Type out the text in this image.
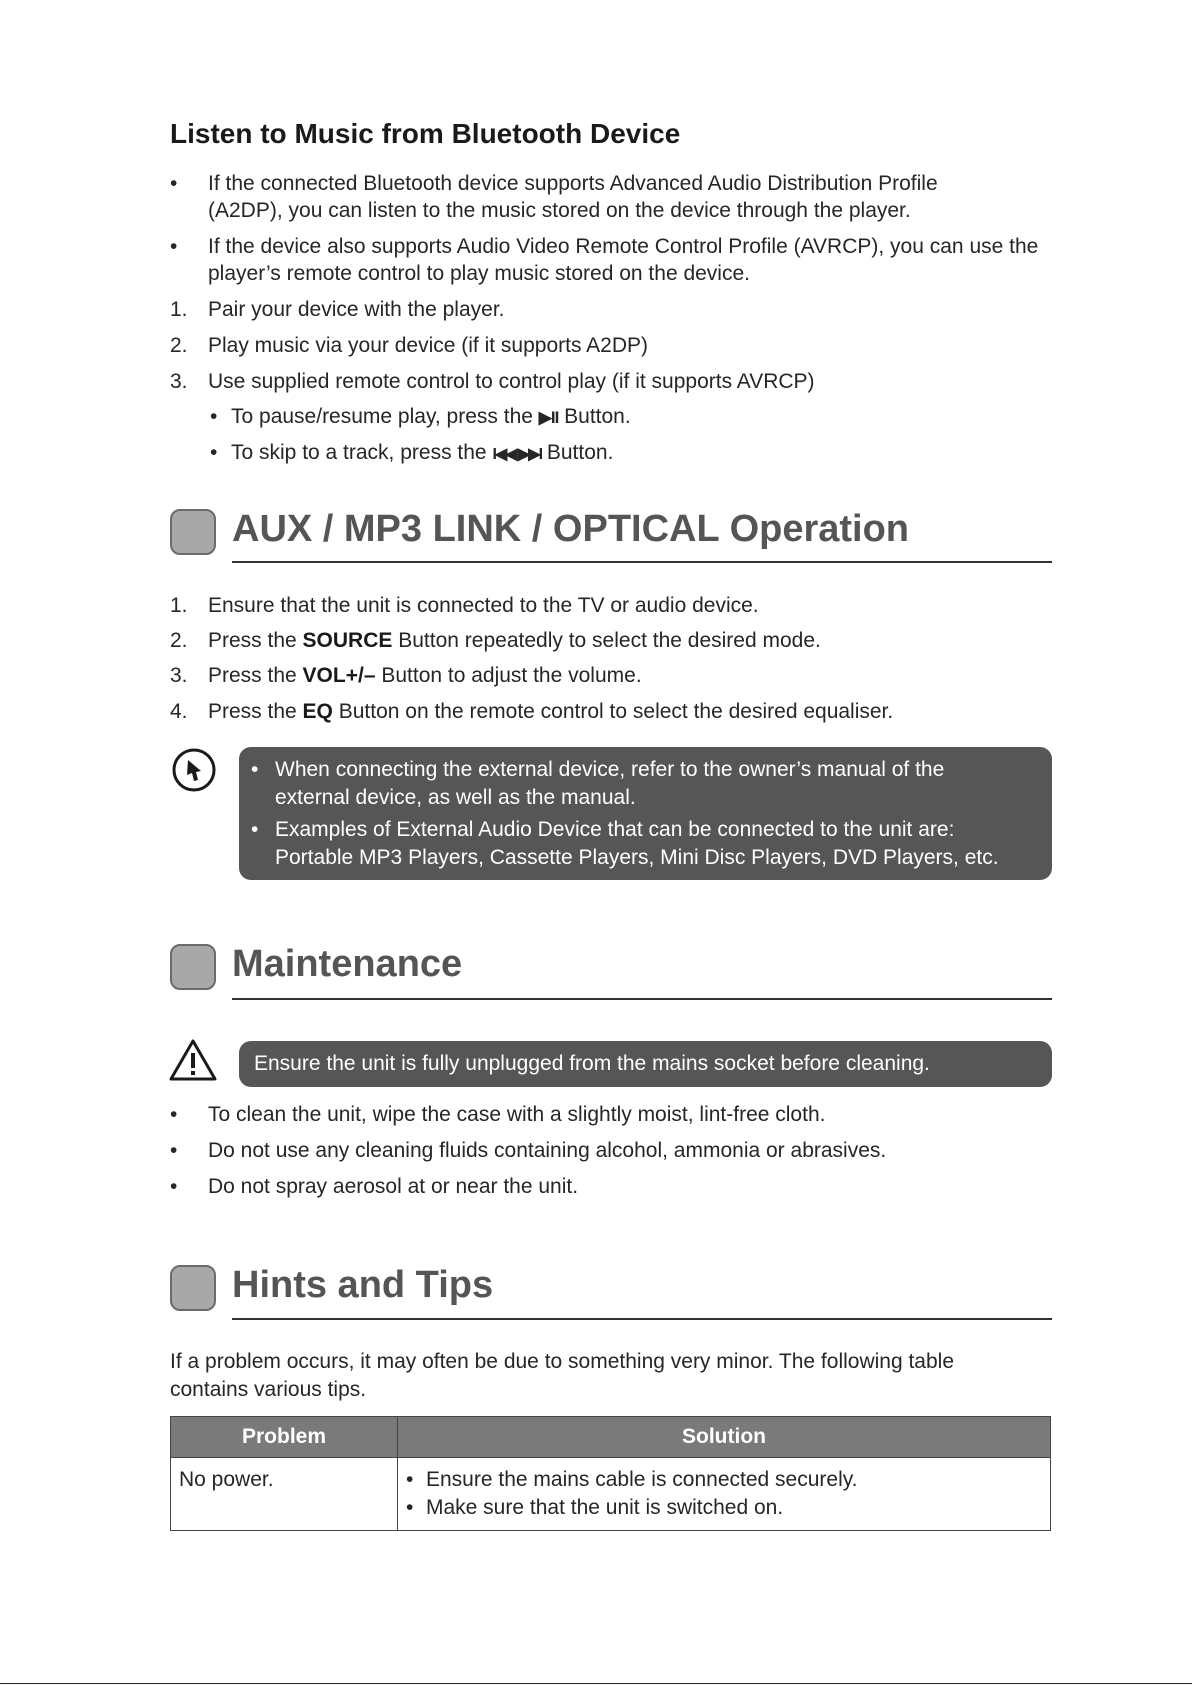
Listen to Music from Bluetooth Device
• If the connected Bluetooth device supports Advanced Audio Distribution Profile
(A2DP), you can listen to the music stored on the device through the player.
• If the device also supports Audio Video Remote Control Profile (AVRCP), you can use the
player’s remote control to play music stored on the device.
1. Pair your device with the player.
2. Play music via your device (if it supports A2DP)
3. Use supplied remote control to control play (if it supports AVRCP)
• To pause/resume play, press the ▶II Button.
• To skip to a track, press the I◀◀ ▶▶I Button.
AUX / MP3 LINK / OPTICAL Operation
1. Ensure that the unit is connected to the TV or audio device.
2. Press the SOURCE Button repeatedly to select the desired mode.
3. Press the VOL+/– Button to adjust the volume.
4. Press the EQ Button on the remote control to select the desired equaliser.
• When connecting the external device, refer to the owner’s manual of the
external device, as well as the manual.
• Examples of External Audio Device that can be connected to the unit are:
Portable MP3 Players, Cassette Players, Mini Disc Players, DVD Players, etc.
Maintenance
Ensure the unit is fully unplugged from the mains socket before cleaning.
• To clean the unit, wipe the case with a slightly moist, lint-free cloth.
• Do not use any cleaning fluids containing alcohol, ammonia or abrasives.
• Do not spray aerosol at or near the unit.
Hints and Tips
If a problem occurs, it may often be due to something very minor. The following table
contains various tips.
Problem	Solution
No power.	• Ensure the mains cable is connected securely.
• Make sure that the unit is switched on.
